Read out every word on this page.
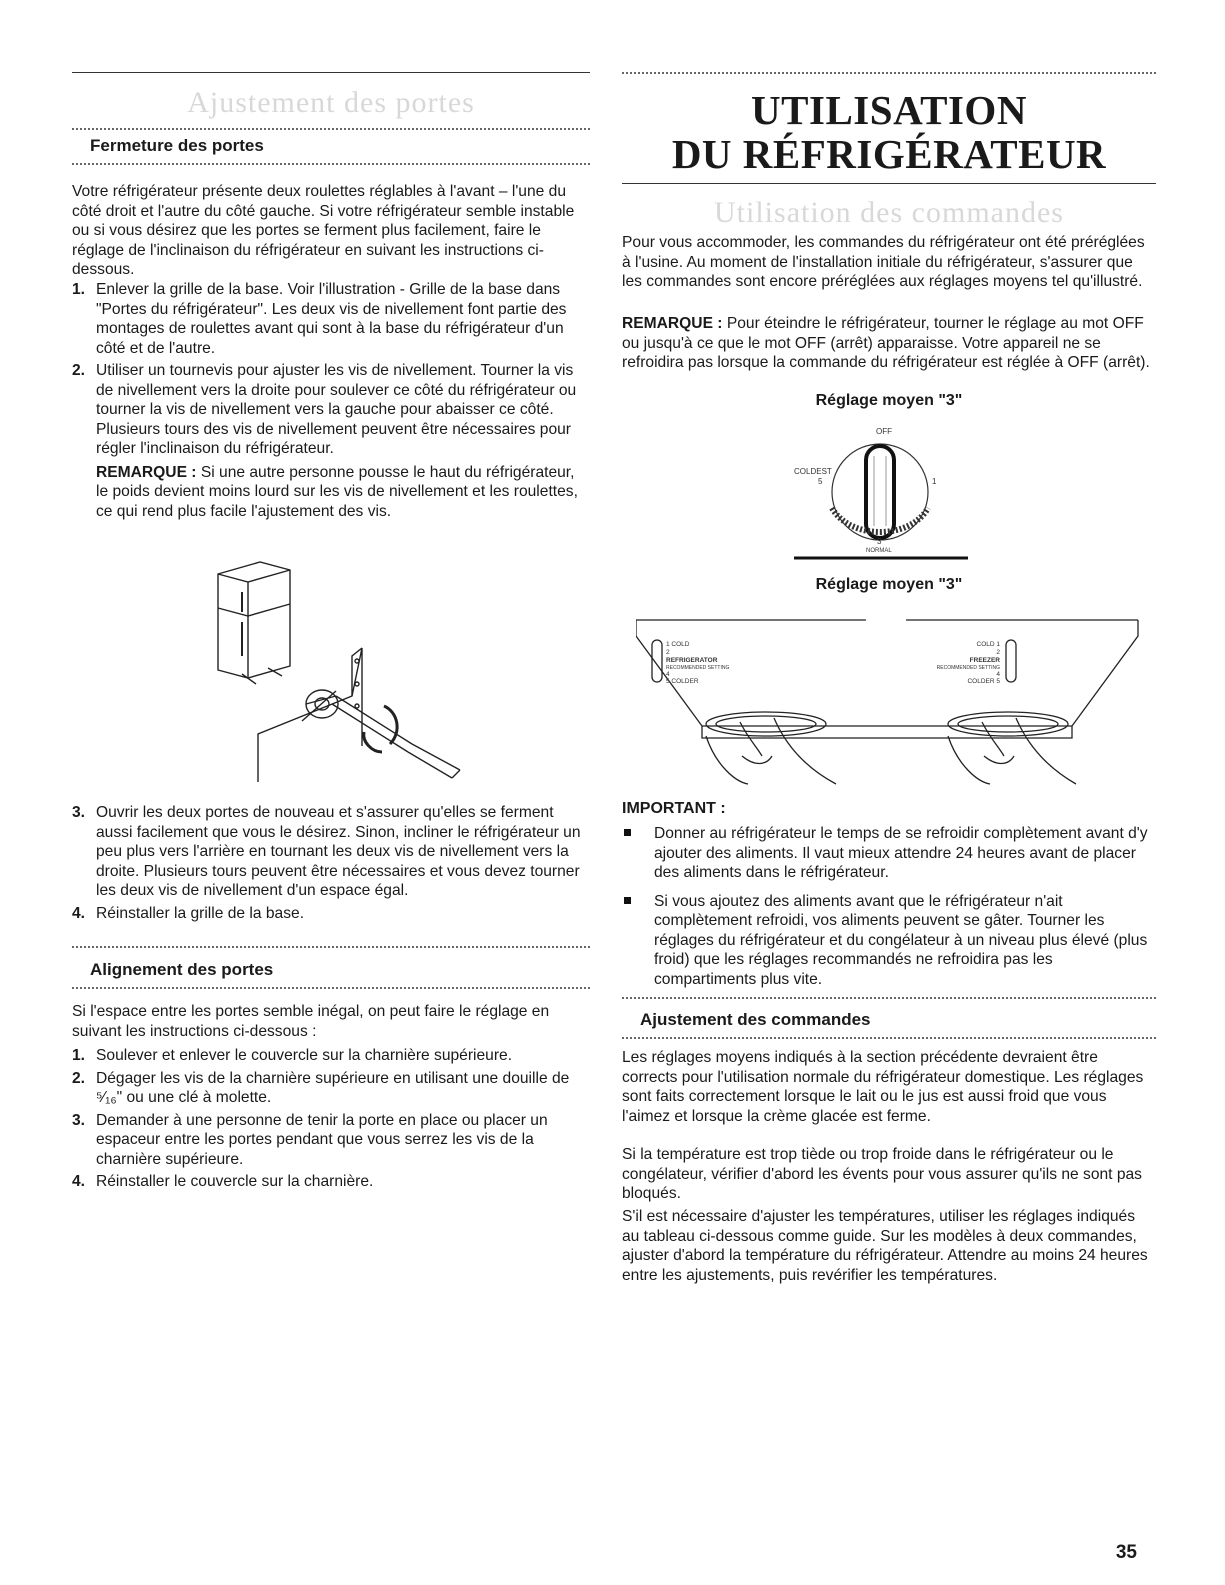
Ajustement des portes
Fermeture des portes

Votre réfrigérateur présente deux roulettes réglables à l'avant – l'une du côté droit et l'autre du côté gauche. Si votre réfrigérateur semble instable ou si vous désirez que les portes se ferment plus facilement, faire le réglage de l'inclinaison du réfrigérateur en suivant les instructions ci-dessous.

1. Enlever la grille de la base. Voir l'illustration - Grille de la base dans "Portes du réfrigérateur". Les deux vis de nivellement font partie des montages de roulettes avant qui sont à la base du réfrigérateur d'un côté et de l'autre.
2. Utiliser un tournevis pour ajuster les vis de nivellement. Tourner la vis de nivellement vers la droite pour soulever ce côté du réfrigérateur ou tourner la vis de nivellement vers la gauche pour abaisser ce côté. Plusieurs tours des vis de nivellement peuvent être nécessaires pour régler l'inclinaison du réfrigérateur.
REMARQUE : Si une autre personne pousse le haut du réfrigérateur, le poids devient moins lourd sur les vis de nivellement et les roulettes, ce qui rend plus facile l'ajustement des vis.
3. Ouvrir les deux portes de nouveau et s'assurer qu'elles se ferment aussi facilement que vous le désirez. Sinon, incliner le réfrigérateur un peu plus vers l'arrière en tournant les deux vis de nivellement vers la droite. Plusieurs tours peuvent être nécessaires et vous devez tourner les deux vis de nivellement d'un espace égal.
4. Réinstaller la grille de la base.
Alignement des portes

Si l'espace entre les portes semble inégal, on peut faire le réglage en suivant les instructions ci-dessous :

1. Soulever et enlever le couvercle sur la charnière supérieure.
2. Dégager les vis de la charnière supérieure en utilisant une douille de ⁵⁄₁₆" ou une clé à molette.
3. Demander à une personne de tenir la porte en place ou placer un espaceur entre les portes pendant que vous serrez les vis de la charnière supérieure.
4. Réinstaller le couvercle sur la charnière.
UTILISATION
DU RÉFRIGÉRATEUR
Utilisation des commandes

Pour vous accommoder, les commandes du réfrigérateur ont été préréglées à l'usine. Au moment de l'installation initiale du réfrigérateur, s'assurer que les commandes sont encore préréglées aux réglages moyens tel qu'illustré.

REMARQUE : Pour éteindre le réfrigérateur, tourner le réglage au mot OFF ou jusqu'à ce que le mot OFF (arrêt) apparaisse. Votre appareil ne se refroidira pas lorsque la commande du réfrigérateur est réglée à OFF (arrêt).

Réglage moyen "3"
OFF
COLDEST
5	1
3
NORMAL
Réglage moyen "3"
1 COLD
2
REFRIGERATOR
RECOMMENDED SETTING
4
5 COLDER
COLD 1
2
FREEZER
RECOMMENDED SETTING
4
COLDER 5
IMPORTANT :
Donner au réfrigérateur le temps de se refroidir complètement avant d'y ajouter des aliments. Il vaut mieux attendre 24 heures avant de placer des aliments dans le réfrigérateur.
Si vous ajoutez des aliments avant que le réfrigérateur n'ait complètement refroidi, vos aliments peuvent se gâter. Tourner les réglages du réfrigérateur et du congélateur à un niveau plus élevé (plus froid) que les réglages recommandés ne refroidira pas les compartiments plus vite.
Ajustement des commandes

Les réglages moyens indiqués à la section précédente devraient être corrects pour l'utilisation normale du réfrigérateur domestique. Les réglages sont faits correctement lorsque le lait ou le jus est aussi froid que vous l'aimez et lorsque la crème glacée est ferme.

Si la température est trop tiède ou trop froide dans le réfrigérateur ou le congélateur, vérifier d'abord les évents pour vous assurer qu'ils ne sont pas bloqués.

S'il est nécessaire d'ajuster les températures, utiliser les réglages indiqués au tableau ci-dessous comme guide. Sur les modèles à deux commandes, ajuster d'abord la température du réfrigérateur. Attendre au moins 24 heures entre les ajustements, puis revérifier les températures.

35
